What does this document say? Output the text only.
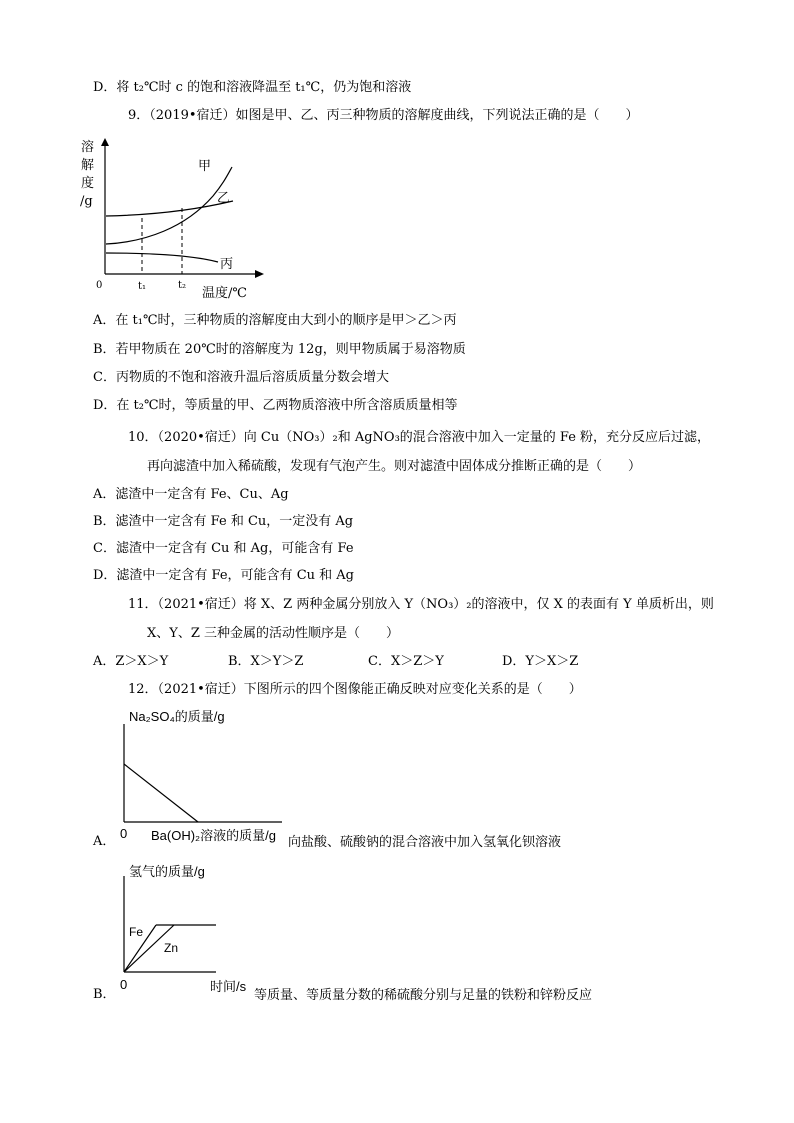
D．将 t₂℃时 c 的饱和溶液降温至 t₁℃，仍为饱和溶液
9．（2019•宿迁）如图是甲、乙、丙三种物质的溶解度曲线，下列说法正确的是（　　）
溶
解
度
/g
0	t₁	t₂
温度/℃
甲
乙
丙
A．在 t₁℃时，三种物质的溶解度由大到小的顺序是甲＞乙＞丙
B．若甲物质在 20℃时的溶解度为 12g，则甲物质属于易溶物质
C．丙物质的不饱和溶液升温后溶质质量分数会增大
D．在 t₂℃时，等质量的甲、乙两物质溶液中所含溶质质量相等
10．（2020•宿迁）向 Cu（NO₃）₂和 AgNO₃的混合溶液中加入一定量的 Fe 粉，充分反应后过滤，
再向滤渣中加入稀硫酸，发现有气泡产生。则对滤渣中固体成分推断正确的是（　　）
A．滤渣中一定含有 Fe、Cu、Ag
B．滤渣中一定含有 Fe 和 Cu，一定没有 Ag
C．滤渣中一定含有 Cu 和 Ag，可能含有 Fe
D．滤渣中一定含有 Fe，可能含有 Cu 和 Ag
11．（2021•宿迁）将 X、Z 两种金属分别放入 Y（NO₃）₂的溶液中，仅 X 的表面有 Y 单质析出，则
X、Y、Z 三种金属的活动性顺序是（　　）
A．Z＞X＞Y	B．X＞Y＞Z	C．X＞Z＞Y	D．Y＞X＞Z
12．（2021•宿迁）下图所示的四个图像能正确反映对应变化关系的是（　　）
Na₂SO₄的质量/g
0 Ba(OH)₂溶液的质量/g
A．	向盐酸、硫酸钠的混合溶液中加入氢氧化钡溶液
氢气的质量/g
Fe
Zn
0	时间/s
B．	等质量、等质量分数的稀硫酸分别与足量的铁粉和锌粉反应
